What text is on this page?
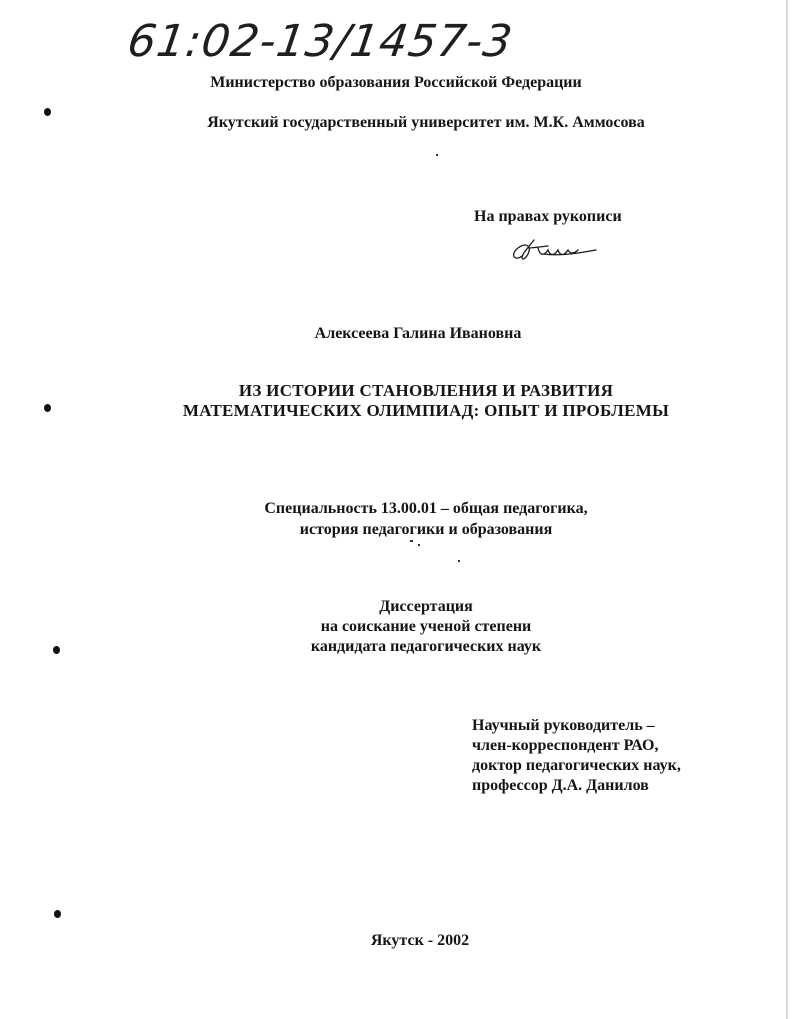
61:02-13/1457-3

Министерство образования Российской Федерации

Якутский государственный университет им. М.К. Аммосова

На правах рукописи

Алексеева Галина Ивановна

ИЗ ИСТОРИИ СТАНОВЛЕНИЯ И РАЗВИТИЯ

МАТЕМАТИЧЕСКИХ ОЛИМПИАД: ОПЫТ И ПРОБЛЕМЫ

Специальность 13.00.01 – общая педагогика,

история педагогики и образования

Диссертация

на соискание ученой степени

кандидата педагогических наук

Научный руководитель –

член-корреспондент РАО,

доктор педагогических наук,

профессор Д.А. Данилов

Якутск - 2002
